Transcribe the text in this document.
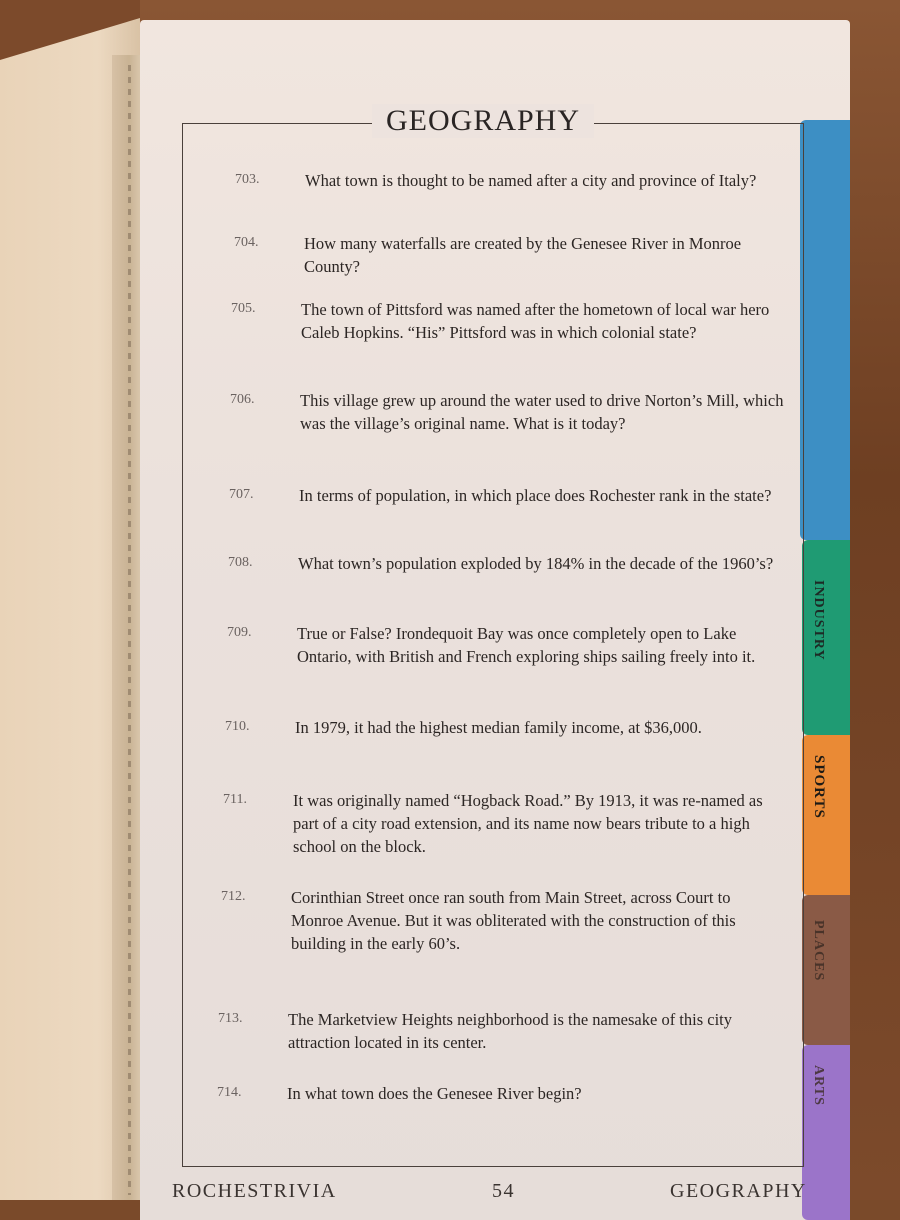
INDUSTRY
SPORTS
PLACES
ARTS
703.	What town is thought to be named after a city and province of Italy?
704.	How many waterfalls are created by the Genesee River in Monroe County?
705.	The town of Pittsford was named after the hometown of local war hero Caleb Hopkins. “His” Pittsford was in which colonial state?
706.	This village grew up around the water used to drive Norton’s Mill, which was the village’s original name. What is it today?
707.	In terms of population, in which place does Rochester rank in the state?
708.	What town’s population exploded by 184% in the decade of the 1960’s?
709.	True or False? Irondequoit Bay was once completely open to Lake Ontario, with British and French exploring ships sailing freely into it.
710.	In 1979, it had the highest median family income, at $36,000.
711.	It was originally named “Hogback Road.” By 1913, it was re-named as part of a city road extension, and its name now bears tribute to a high school on the block.
712.	Corinthian Street once ran south from Main Street, across Court to Monroe Avenue. But it was obliterated with the construction of this building in the early 60’s.
713.	The Marketview Heights neighborhood is the namesake of this city attraction located in its center.
714.	In what town does the Genesee River begin?
GEOGRAPHY
ROCHESTRIVIA	54	GEOGRAPHY
